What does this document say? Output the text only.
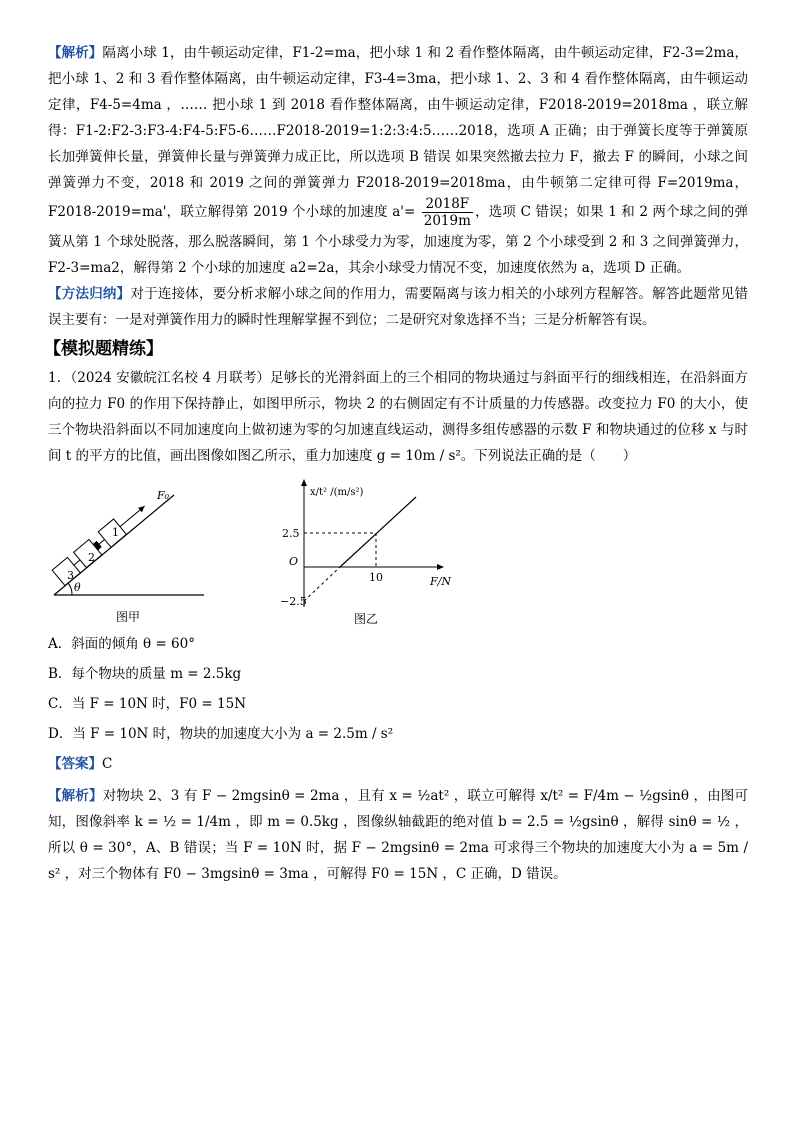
【解析】隔离小球 1，由牛顿运动定律，F1-2=ma，把小球 1 和 2 看作整体隔离，由牛顿运动定律，F2-3=2ma，把小球 1、2 和 3 看作整体隔离，由牛顿运动定律，F3-4=3ma，把小球 1、2、3 和 4 看作整体隔离，由牛顿运动定律，F4-5=4ma ，…… 把小球 1 到 2018 看作整体隔离，由牛顿运动定律，F2018-2019=2018ma ，联立解得：F1-2:F2-3:F3-4:F4-5:F5-6……F2018-2019=1:2:3:4:5……2018，选项 A 正确；由于弹簧长度等于弹簧原长加弹簧伸长量，弹簧伸长量与弹簧弹力成正比，所以选项 B 错误 如果突然撤去拉力 F，撤去 F 的瞬间，小球之间弹簧弹力不变，2018 和 2019 之间的弹簧弹力 F2018-2019=2018ma，由牛顿第二定律可得 F=2019ma，F2018-2019=ma'，联立解得第 2019 个小球的加速度 $a'= \frac{2018F}{2019m}$ ，选项 C 错误；如果 1 和 2 两个球之间的弹簧从第 1 个球处脱落，那么脱落瞬间，第 1 个小球受力为零，加速度为零，第 2 个小球受到 2 和 3 之间弹簧弹力，F2-3=ma2，解得第 2 个小球的加速度 a2=2a，其余小球受力情况不变，加速度依然为 a，选项 D 正确。

【方法归纳】对于连接体，要分析求解小球之间的作用力，需要隔离与该力相关的小球列方程解答。解答此题常见错误主要有：一是对弹簧作用力的瞬时性理解掌握不到位；二是研究对象选择不当；三是分析解答有误。

【模拟题精练】

1．（2024 安徽皖江名校 4 月联考）足够长的光滑斜面上的三个相同的物块通过与斜面平行的细线相连，在沿斜面方向的拉力 F0 的作用下保持静止，如图甲所示，物块 2 的右侧固定有不计质量的力传感器。改变拉力 F0 的大小，使三个物块沿斜面以不同加速度向上做初速为零的匀加速直线运动，测得多组传感器的示数 F 和物块通过的位移 x 与时间 t 的平方的比值，画出图像如图乙所示，重力加速度 g = 10m / s²。下列说法正确的是（　　）

θ
3
2
1
F₀
图甲
x/t² /(m/s²)
2.5
O
−2.5
10	F/N
图乙
A．斜面的倾角 θ = 60°
B．每个物块的质量 m = 2.5kg
C．当 F = 10N 时，F0 = 15N
D．当 F = 10N 时，物块的加速度大小为 a = 2.5m / s²

【答案】C

【解析】对物块 2、3 有 F − 2mgsinθ = 2ma ，且有 x = ½at² ，联立可解得 x/t² = F/4m − ½gsinθ ，由图可知，图像斜率 k = ½ = 1/4m ，即 m = 0.5kg ，图像纵轴截距的绝对值 b = 2.5 = ½gsinθ ，解得 sinθ = ½ ，所以 θ = 30°，A、B 错误；当 F = 10N 时，据 F − 2mgsinθ = 2ma 可求得三个物块的加速度大小为 a = 5m / s² ，对三个物体有 F0 − 3mgsinθ = 3ma ，可解得 F0 = 15N ，C 正确，D 错误。
